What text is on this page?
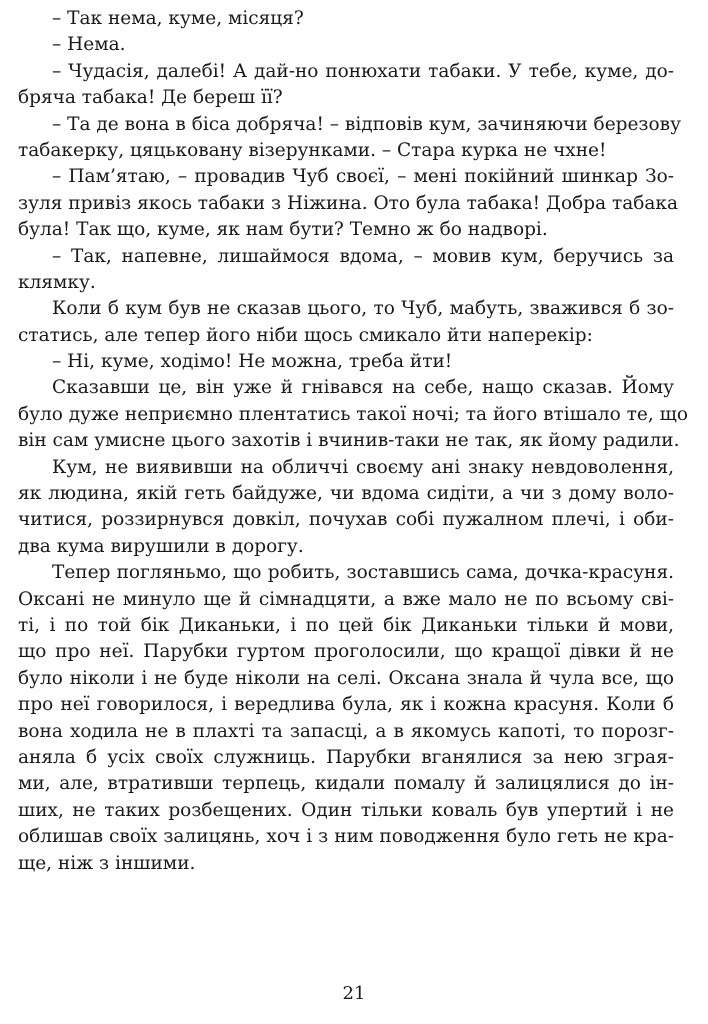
– Так нема, куме, місяця?
– Нема.
– Чудасія, далебі! А дай-но понюхати табаки. У тебе, куме, до-
бряча табака! Де береш її?
– Та де вона в біса добряча! – відповів кум, зачиняючи березову
табакерку, цяцькованy візерунками. – Стара курка не чхне!
– Пам’ятаю, – провадив Чуб своєї, – мені покійний шинкар Зо-
зуля привіз якось табаки з Ніжина. Ото була табака! Добра табака
була! Так що, куме, як нам бути? Темно ж бо надворі.
– Так, напевне, лишаймося вдома, – мовив кум, беручись за
клямку.
Коли б кум був не сказав цього, то Чуб, мабуть, зважився б зо-
статись, але тепер його ніби щось смикало йти наперекір:
– Ні, куме, ходімо! Не можна, треба йти!
Сказавши це, він уже й гнівався на себе, нащо сказав. Йому
було дуже неприємно плентатись такої ночі; та його втішало те, що
він сам умисне цього захотів і вчинив-таки не так, як йому радили.
Кум, не виявивши на обличчі своєму ані знаку невдоволення,
як людина, якій геть байдуже, чи вдома сидіти, а чи з дому воло-
читися, роззирнувся довкіл, почухав собі пужалном плечі, і оби-
два кума вирушили в дорогу.
Тепер погляньмо, що робить, зоставшись сама, дочка-красуня.
Оксані не минуло ще й сімнадцяти, а вже мало не по всьому сві-
ті, і по той бік Диканьки, і по цей бік Диканьки тільки й мови,
що про неї. Парубки гуртом проголосили, що кращої дівки й не
було ніколи і не буде ніколи на селі. Оксана знала й чула все, що
про неї говорилося, і вередлива була, як і кожна красуня. Коли б
вона ходила не в плахті та запасці, а в якомусь капоті, то порозг-
аняла б усіх своїх служниць. Парубки вганялися за нею зграя-
ми, але, втративши терпець, кидали помалу й залицялися до ін-
ших, не таких розбещених. Один тільки коваль був упертий і не
облишав своїх залицянь, хоч і з ним поводження було геть не кра-
ще, ніж з іншими.
21
